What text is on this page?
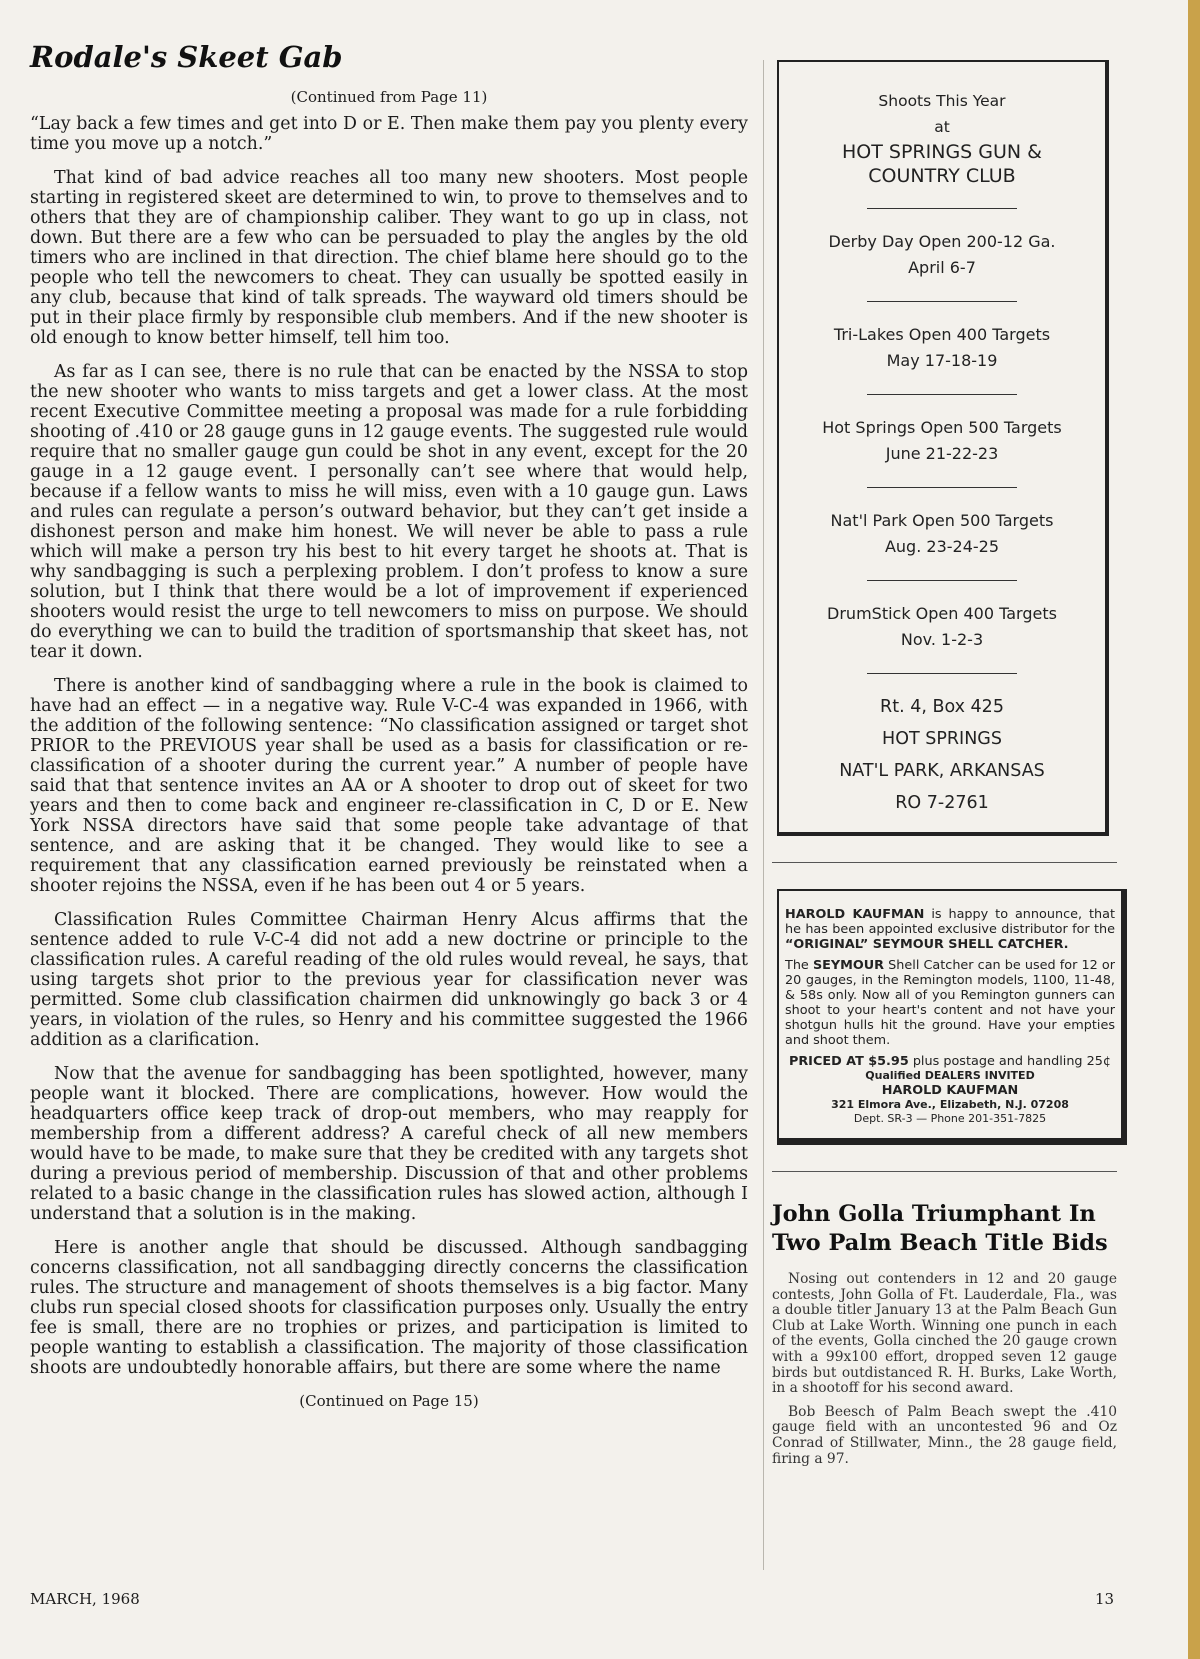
Rodale's Skeet Gab
(Continued from Page 11)

“Lay back a few times and get into D or E. Then make them pay you plenty every time you move up a notch.”

That kind of bad advice reaches all too many new shooters. Most people starting in registered skeet are determined to win, to prove to themselves and to others that they are of championship caliber. They want to go up in class, not down. But there are a few who can be persuaded to play the angles by the old timers who are inclined in that direction. The chief blame here should go to the people who tell the newcomers to cheat. They can usually be spotted easily in any club, because that kind of talk spreads. The wayward old timers should be put in their place firmly by responsible club members. And if the new shooter is old enough to know better himself, tell him too.

As far as I can see, there is no rule that can be enacted by the NSSA to stop the new shooter who wants to miss targets and get a lower class. At the most recent Executive Committee meeting a proposal was made for a rule forbidding shooting of .410 or 28 gauge guns in 12 gauge events. The suggested rule would require that no smaller gauge gun could be shot in any event, except for the 20 gauge in a 12 gauge event. I personally can’t see where that would help, because if a fellow wants to miss he will miss, even with a 10 gauge gun. Laws and rules can regulate a person’s outward behavior, but they can’t get inside a dishonest person and make him honest. We will never be able to pass a rule which will make a person try his best to hit every target he shoots at. That is why sandbagging is such a perplexing problem. I don’t profess to know a sure solution, but I think that there would be a lot of improvement if experienced shooters would resist the urge to tell newcomers to miss on purpose. We should do everything we can to build the tradition of sportsmanship that skeet has, not tear it down.

There is another kind of sandbagging where a rule in the book is claimed to have had an effect — in a negative way. Rule V-C-4 was expanded in 1966, with the addition of the following sentence: “No classification assigned or target shot PRIOR to the PREVIOUS year shall be used as a basis for classification or re-classification of a shooter during the current year.” A number of people have said that that sentence invites an AA or A shooter to drop out of skeet for two years and then to come back and engineer re-classification in C, D or E. New York NSSA directors have said that some people take advantage of that sentence, and are asking that it be changed. They would like to see a requirement that any classification earned previously be reinstated when a shooter rejoins the NSSA, even if he has been out 4 or 5 years.

Classification Rules Committee Chairman Henry Alcus affirms that the sentence added to rule V-C-4 did not add a new doctrine or principle to the classification rules. A careful reading of the old rules would reveal, he says, that using targets shot prior to the previous year for classification never was permitted. Some club classification chairmen did unknowingly go back 3 or 4 years, in violation of the rules, so Henry and his committee suggested the 1966 addition as a clarification.

Now that the avenue for sandbagging has been spotlighted, however, many people want it blocked. There are complications, however. How would the headquarters office keep track of drop-out members, who may reapply for membership from a different address? A careful check of all new members would have to be made, to make sure that they be credited with any targets shot during a previous period of membership. Discussion of that and other problems related to a basic change in the classification rules has slowed action, although I understand that a solution is in the making.

Here is another angle that should be discussed. Although sandbagging concerns classification, not all sandbagging directly concerns the classification rules. The structure and management of shoots themselves is a big factor. Many clubs run special closed shoots for classification purposes only. Usually the entry fee is small, there are no trophies or prizes, and participation is limited to people wanting to establish a classification. The majority of those classification shoots are undoubtedly honorable affairs, but there are some where the name

(Continued on Page 15)
Shoots This Year
at
HOT SPRINGS GUN &
COUNTRY CLUB
Derby Day Open 200-12 Ga.
April 6-7
Tri-Lakes Open 400 Targets
May 17-18-19
Hot Springs Open 500 Targets
June 21-22-23
Nat'l Park Open 500 Targets
Aug. 23-24-25
DrumStick Open 400 Targets
Nov. 1-2-3
Rt. 4, Box 425
HOT SPRINGS
NAT'L PARK, ARKANSAS
RO 7-2761

HAROLD KAUFMAN is happy to announce, that he has been appointed exclusive distributor for the “ORIGINAL” SEYMOUR SHELL CATCHER.

The SEYMOUR Shell Catcher can be used for 12 or 20 gauges, in the Remington models, 1100, 11-48, & 58s only. Now all of you Remington gunners can shoot to your heart's content and not have your shotgun hulls hit the ground. Have your empties and shoot them.

PRICED AT $5.95 plus postage and handling 25¢

Qualified DEALERS INVITED

HAROLD KAUFMAN

321 Elmora Ave., Elizabeth, N.J. 07208

Dept. SR-3 — Phone 201-351-7825

John Golla Triumphant In Two Palm Beach Title Bids

Nosing out contenders in 12 and 20 gauge contests, John Golla of Ft. Lauderdale, Fla., was a double titler January 13 at the Palm Beach Gun Club at Lake Worth. Winning one punch in each of the events, Golla cinched the 20 gauge crown with a 99x100 effort, dropped seven 12 gauge birds but outdistanced R. H. Burks, Lake Worth, in a shootoff for his second award.

Bob Beesch of Palm Beach swept the .410 gauge field with an uncontested 96 and Oz Conrad of Stillwater, Minn., the 28 gauge field, firing a 97.

MARCH, 1968	13
